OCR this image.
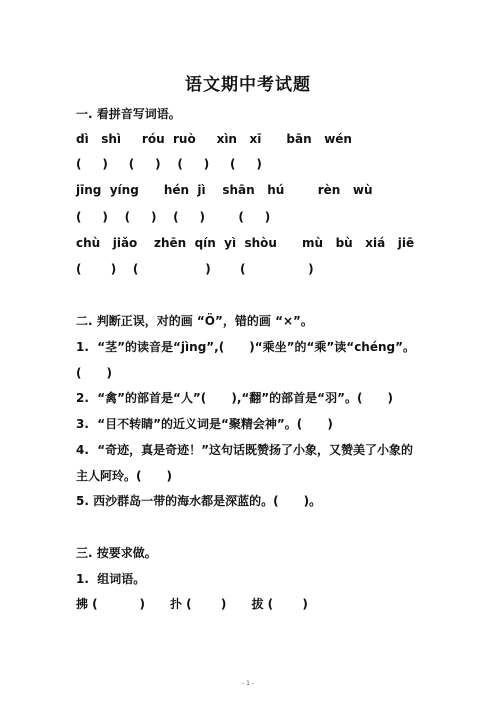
语文期中考试题
一. 看拼音写词语。
dì   shì     róu  ruò     xìn   xī      bān   wén
(     )     (     )    (     )     (     )
jīng  yíng      hén  jì    shān   hú        rèn   wù
(     )    (     )    (     )        (     )
chù   jiǎo    zhēn  qín  yì  shòu      mù   bù   xiá   jiē
(       )    (                )       (               )
二. 判断正误，对的画 “Ö”，错的画 “×”。
1.  “茎”的读音是“jìng”,(      )“乘坐”的“乘”读“chéng”。
(      )
2.  “禽”的部首是“人”(      ),“翻”的部首是“羽”。(      )
3.  “目不转睛”的近义词是“聚精会神”。(      )
4.  “奇迹，真是奇迹！”这句话既赞扬了小象，又赞美了小象的
主人阿玲。(      )
5. 西沙群岛一带的海水都是深蓝的。(      )。
三. 按要求做。
1.  组词语。
拂 (          )      扑 (       )      拔 (       )
- 1 -
